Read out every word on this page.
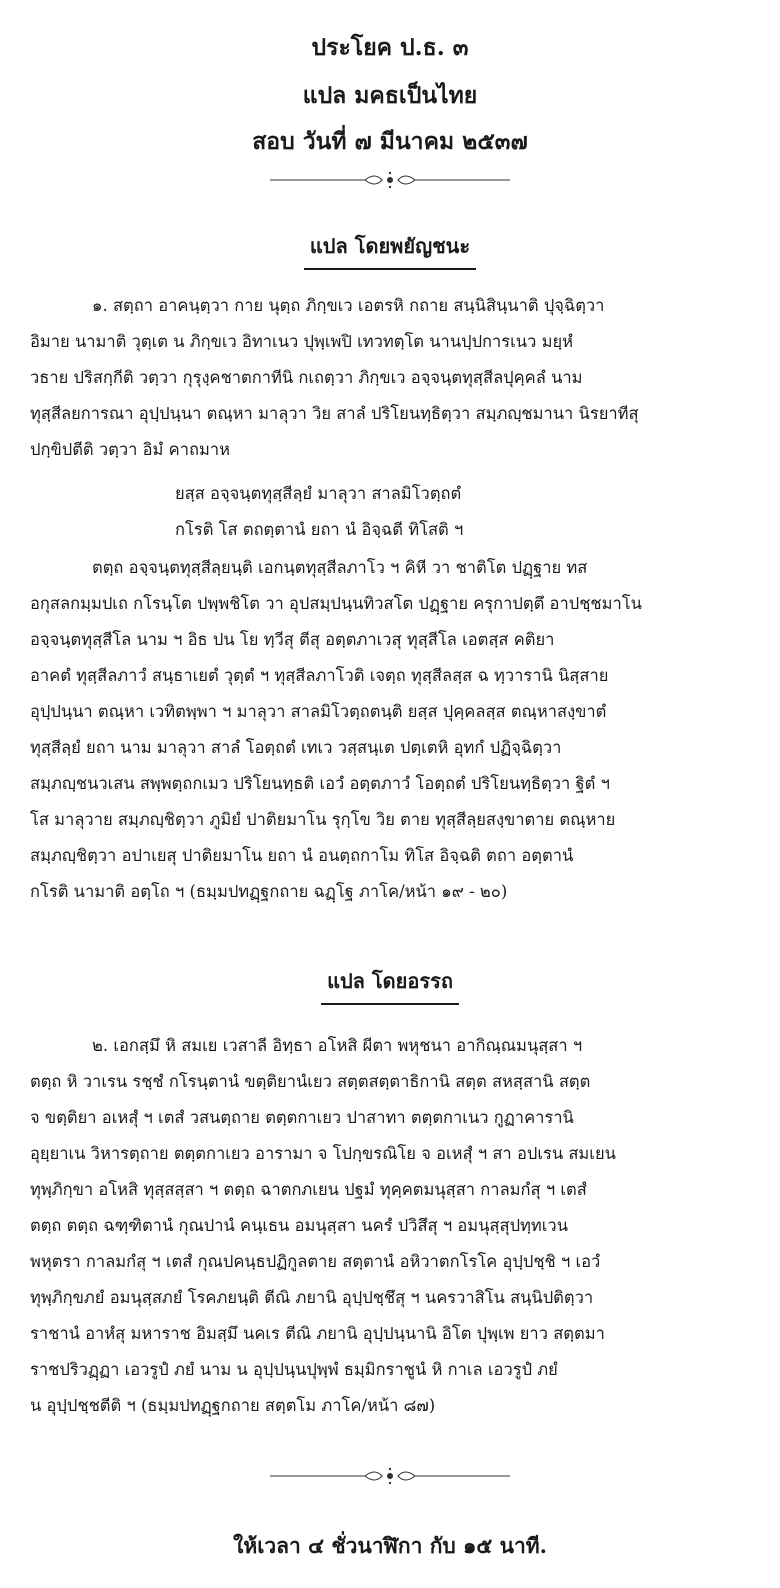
ประโยค ป.ธ. ๓
แปล มคธเป็นไทย
สอบ วันที่ ๗ มีนาคม ๒๕๓๗
แปล โดยพยัญชนะ
๑. สตฺถา อาคนฺตฺวา กาย นุตฺถ ภิกฺขเว เอตรหิ กถาย สนฺนิสินฺนาติ ปุจฺฉิตฺวา
อิมาย นามาติ วุตฺเต น ภิกฺขเว อิทาเนว ปุพฺเพปิ เทวทตฺโต นานปฺปการเนว มยฺหํ
วธาย ปริสกฺกีติ วตฺวา กุรุงฺคชาตกาทีนิ กเถตฺวา ภิกฺขเว อจฺจนฺตทุสฺสีลปุคฺคลํ นาม
ทุสฺสีลยการณา อุปฺปนฺนา ตณฺหา มาลุวา วิย สาลํ ปริโยนทฺธิตฺวา สมฺภญฺชมานา นิรยาทีสุ
ปกฺขิปตีติ วตฺวา อิมํ คาถมาห
ยสฺส อจฺจนฺตทุสฺสีลฺยํ มาลุวา สาลมิโวตฺถตํ
กโรติ โส ตถตฺตานํ ยถา นํ อิจฺฉตี ทิโสติ ฯ
ตตฺถ อจฺจนฺตทุสฺสีลฺยนฺติ เอกนฺตทุสฺสีลภาโว ฯ คิหี วา ชาติโต ปฏฺฐาย ทส
อกุสลกมฺมปเถ กโรนฺโต ปพฺพชิโต วา อุปสมฺปนฺนทิวสโต ปฏฺฐาย ครุกาปตฺตึ อาปชฺชมาโน
อจฺจนฺตทุสฺสีโล นาม ฯ อิธ ปน โย ทฺวีสุ ตีสุ อตฺตภาเวสุ ทุสฺสีโล เอตสฺส คติยา
อาคตํ ทุสฺสีลภาวํ สนฺธาเยตํ วุตฺตํ ฯ ทุสฺสีลภาโวติ เจตฺถ ทุสฺสีลสฺส ฉ ทฺวารานิ นิสฺสาย
อุปฺปนฺนา ตณฺหา เวทิตพฺพา ฯ มาลุวา สาลมิโวตฺถตนฺติ ยสฺส ปุคฺคลสฺส ตณฺหาสงฺขาตํ
ทุสฺสีลฺยํ ยถา นาม มาลุวา สาลํ โอตฺถตํ เทเว วสฺสนฺเต ปตฺเตหิ อุทกํ ปฏิจฺฉิตฺวา
สมฺภญฺชนวเสน สพฺพตฺถกเมว ปริโยนทฺธติ เอวํ อตฺตภาวํ โอตฺถตํ ปริโยนทฺธิตฺวา ฐิตํ ฯ
โส มาลุวาย สมฺภญฺชิตฺวา ภูมิยํ ปาติยมาโน รุกฺโข วิย ตาย ทุสฺสีลฺยสงฺขาตาย ตณฺหาย
สมฺภญฺชิตฺวา อปาเยสุ ปาติยมาโน ยถา นํ อนตฺถกาโม ทิโส อิจฺฉติ ตถา อตฺตานํ
กโรติ นามาติ อตฺโถ ฯ (ธมฺมปทฏฺฐกถาย ฉฏฺโฐ ภาโค/หน้า ๑๙ - ๒๐)
แปล โดยอรรถ
๒. เอกสฺมึ หิ สมเย เวสาลี อิทฺธา อโหสิ ผีตา พหุชนา อากิณฺณมนุสฺสา ฯ
ตตฺถ หิ วาเรน รชฺชํ กโรนฺตานํ ขตฺติยานํเยว สตฺตสตฺตาธิกานิ สตฺต สหสฺสานิ สตฺต
จ ขตฺติยา อเหสุํ ฯ เตสํ วสนตฺถาย ตตฺตกาเยว ปาสาทา ตตฺตกาเนว กูฏาคารานิ
อุยฺยาเน วิหารตฺถาย ตตฺตกาเยว อารามา จ โปกฺขรณิโย จ อเหสุํ ฯ สา อปเรน สมเยน
ทุพฺภิกฺขา อโหสิ ทุสฺสสฺสา ฯ ตตฺถ ฉาตกภเยน ปฐมํ ทุคฺคตมนุสฺสา กาลมกํสุ ฯ เตสํ
ตตฺถ ตตฺถ ฉฑฺฑิตานํ กุณปานํ คนฺเธน อมนุสฺสา นครํ ปวิสึสุ ฯ อมนุสฺสุปทฺทเวน
พหุตรา กาลมกํสุ ฯ เตสํ กุณปคนฺธปฏิกูลตาย สตฺตานํ อหิวาตกโรโค อุปฺปชฺชิ ฯ เอวํ
ทุพฺภิกฺขภยํ อมนุสฺสภยํ โรคภยนฺติ ตีณิ ภยานิ อุปฺปชฺชึสุ ฯ นครวาสิโน สนฺนิปติตฺวา
ราชานํ อาหํสุ มหาราช อิมสฺมึ นคเร ตีณิ ภยานิ อุปฺปนฺนานิ อิโต ปุพฺเพ ยาว สตฺตมา
ราชปริวฏฺฏา เอวรูปํ ภยํ นาม น อุปฺปนฺนปุพฺพํ ธมฺมิกราชูนํ หิ กาเล เอวรูปํ ภยํ
น อุปฺปชฺชตีติ ฯ (ธมฺมปทฏฺฐกถาย สตฺตโม ภาโค/หน้า ๘๗)
ให้เวลา ๔ ชั่วนาฬิกา กับ ๑๕ นาที.
